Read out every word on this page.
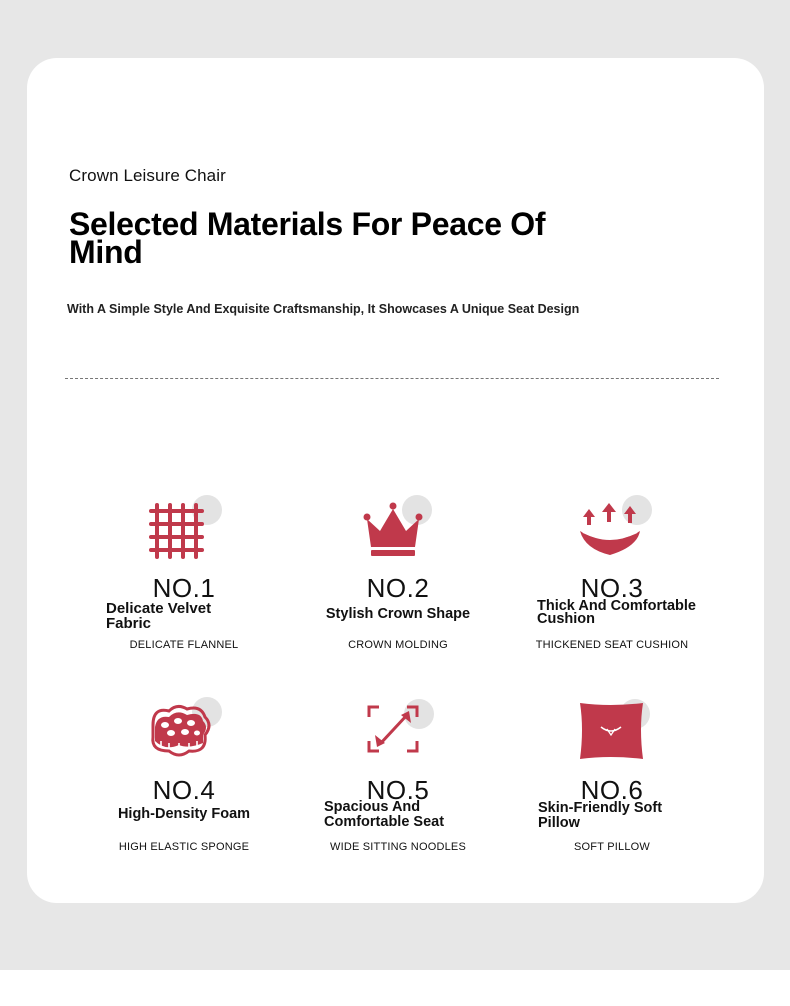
Crown Leisure Chair
Selected Materials For Peace Of Mind
With A Simple Style And Exquisite Craftsmanship, It Showcases A Unique Seat Design
NO.1
Delicate Velvet Fabric
DELICATE FLANNEL
NO.2
Stylish Crown Shape
CROWN MOLDING
NO.3
Thick And Comfortable Cushion
THICKENED SEAT CUSHION
NO.4
High-Density Foam
HIGH ELASTIC SPONGE
NO.5
Spacious And Comfortable Seat
WIDE SITTING NOODLES
NO.6
Skin-Friendly Soft Pillow
SOFT PILLOW
